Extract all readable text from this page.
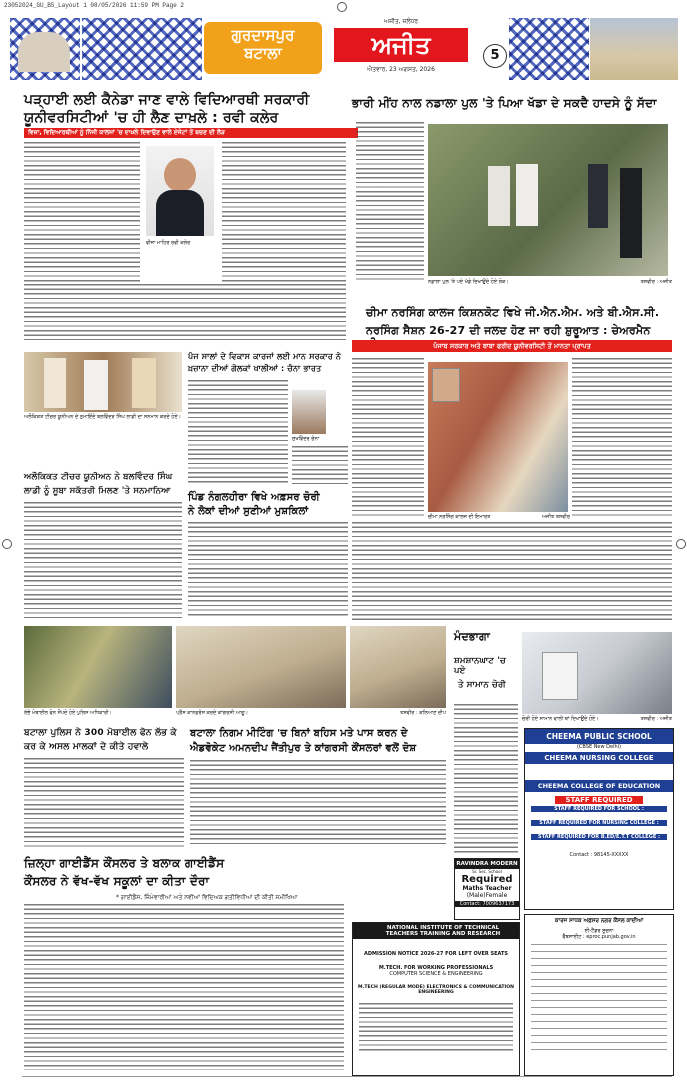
23052024_GU_B5_Layout 1 08/05/2026 11:59 PM Page 2
ਗੁਰਦਾਸਪੁਰ
ਬਟਾਲਾ
ਅਜੀਤ, ਜਲੰਧਰ
ਅਜੀਤ
ਐਤਵਾਰ, 23 ਅਗਸਤ, 2026
5
ਪੜ੍ਹਾਈ ਲਈ ਕੈਨੇਡਾ ਜਾਣ ਵਾਲੇ ਵਿਦਿਆਰਥੀ ਸਰਕਾਰੀ
ਯੂਨੀਵਰਸਿਟੀਆਂ 'ਚ ਹੀ ਲੈਣ ਦਾਖ਼ਲੇ : ਰਵੀ ਕਲੇਰ
ਵਿਜ਼ਾ, ਵਿਦਿਆਰਥੀਆਂ ਨੂੰ ਨਿੱਜੀ ਕਾਲਜਾਂ 'ਚ ਦਾਖ਼ਲੇ ਦਿਵਾਉਣ ਵਾਲੇ ਏਜੰਟਾਂ ਤੋਂ ਬਚਣ ਦੀ ਲੋੜ
ਵੀਜ਼ਾ ਮਾਹਿਰ ਰਵੀ ਕਲੇਰ
ਭਾਰੀ ਮੀਂਹ ਨਾਲ ਨਡਾਲਾ ਪੁਲ 'ਤੇ ਪਿਆ ਖੱਡਾ ਦੇ ਸਕਦੈ ਹਾਦਸੇ ਨੂੰ ਸੱਦਾ
ਨਡਾਲਾ ਪੁਲ 'ਤੇ ਪਏ ਖੱਡੇ ਦਿਖਾਉਂਦੇ ਹੋਏ ਲੋਕ।	ਤਸਵੀਰ : ਅਜੀਤ
ਚੀਮਾ ਨਰਸਿੰਗ ਕਾਲਜ ਕਿਸ਼ਨਕੋਟ ਵਿਖੇ ਜੀ.ਐਨ.ਐਮ. ਅਤੇ ਬੀ.ਐਸ.ਸੀ.
ਨਰਸਿੰਗ ਸੈਸ਼ਨ 26-27 ਦੀ ਜਲਦ ਹੋਣ ਜਾ ਰਹੀ ਸ਼ੁਰੂਆਤ : ਚੇਅਰਮੈਨ
ਪੰਜਾਬ ਸਰਕਾਰ ਅਤੇ ਬਾਬਾ ਫਰੀਦ ਯੂਨੀਵਰਸਿਟੀ ਤੋਂ ਮਾਨਤਾ ਪ੍ਰਾਪਤ
ਚੀਮਾ ਨਰਸਿੰਗ ਕਾਲਜ ਦੀ ਇਮਾਰਤ	ਅਜੀਤ ਤਸਵੀਰ
ਅਲੌਕਿਕਤ ਟੀਚਰ ਯੂਨੀਅਨ ਦੇ ਨੁਮਾਇੰਦੇ ਬਲਵਿੰਦਰ ਸਿੰਘ ਲਾਡੀ ਦਾ ਸਨਮਾਨ ਕਰਦੇ ਹੋਏ।
ਅਲੌਕਿਕਤ ਟੀਚਰ ਯੂਨੀਅਨ ਨੇ ਬਲਵਿੰਦਰ ਸਿੰਘ
ਲਾਡੀ ਨੂੰ ਸੂਬਾ ਸਕੱਤਰੀ ਮਿਲਣ 'ਤੇ ਸਨਮਾਨਿਆ
ਪੰਜ ਸਾਲਾਂ ਦੇ ਵਿਕਾਸ ਕਾਰਜਾਂ ਲਈ ਮਾਨ ਸਰਕਾਰ ਨੇ
ਖ਼ਜ਼ਾਨਾ ਦੀਆਂ ਗੋਲਕਾਂ ਖਾਲੀਆਂ : ਚੰਨਾ ਭਾਰਤ
ਸੁਖਵਿੰਦਰ ਚੰਨਾ
ਪਿੰਡ ਨੰਗਲਹੀਰਾ ਵਿਖੇ ਅਫ਼ਸਰ ਚੋਰੀ
ਨੇ ਲੋਕਾਂ ਦੀਆਂ ਸੁਣੀਆਂ ਮੁਸ਼ਕਿਲਾਂ
ਲੱਭੇ ਮੋਬਾਈਲ ਫੋਨ ਸੌਂਪਦੇ ਹੋਏ ਪੁਲਿਸ ਅਧਿਕਾਰੀ।	ਪ੍ਰੈੱਸ ਕਾਨਫ਼ਰੰਸ ਕਰਦੇ ਕਾਂਗਰਸੀ ਆਗੂ।	ਤਸਵੀਰ : ਕਲਿਆਣ ਦੀਪ
ਬਟਾਲਾ ਪੁਲਿਸ ਨੇ 300 ਮੋਬਾਈਲ ਫੋਨ ਲੱਭ ਕੇ
ਕਰ ਕੇ ਅਸਲ ਮਾਲਕਾਂ ਦੇ ਕੀਤੇ ਹਵਾਲੇ
ਬਟਾਲਾ ਨਿਗਮ ਮੀਟਿੰਗ 'ਚ ਬਿਨਾਂ ਬਹਿਸ ਮਤੇ ਪਾਸ ਕਰਨ ਦੇ
ਐਡਵੋਕੇਟ ਅਮਨਦੀਪ ਜੈਂਤੀਪੁਰ ਤੇ ਕਾਂਗਰਸੀ ਕੌਂਸਲਰਾਂ ਵਲੋਂ ਦੋਸ਼
ਜ਼ਿਲ੍ਹਾ ਗਾਈਡੈਂਸ ਕੌਂਸਲਰ ਤੇ ਬਲਾਕ ਗਾਈਡੈਂਸ
ਕੌਂਸਲਰ ਨੇ ਵੱਖ-ਵੱਖ ਸਕੂਲਾਂ ਦਾ ਕੀਤਾ ਦੌਰਾ
* ਗਾਈਡੈਂਸ, ਜ਼ਿੰਮੇਵਾਰੀਆਂ ਅਤੇ ਨਵੀਆਂ ਵਿਦਿਅਕ ਗਤੀਵਿਧੀਆਂ ਦੀ ਕੀਤੀ ਸਮੀਖਿਆ
ਮੰਦਭਾਗਾ
ਸ਼ਮਸ਼ਾਨਘਾਟ 'ਚ ਪਏ
ਤੇ ਸਾਮਾਨ ਚੋਰੀ
ਚੋਰੀ ਹੋਏ ਸਾਮਾਨ ਵਾਲੀ ਥਾਂ ਦਿਖਾਉਂਦੇ ਹੋਏ।	ਤਸਵੀਰ : ਅਜੀਤ
CHEEMA PUBLIC SCHOOL
(CBSE New Delhi)
CHEEMA NURSING COLLEGE
CHEEMA COLLEGE OF EDUCATION
STAFF REQUIRED
STAFF REQUIRED FOR SCHOOL :
STAFF REQUIRED FOR NURSING COLLEGE :
STAFF REQUIRED FOR B.ED/E.T.T COLLEGE :
Contact : 98145-XXXXX
RAVINDRA MODERN
Sr. Sec. School
Required
Maths Teacher
(Male)Female
Contact: 7009637173
NATIONAL INSTITUTE OF TECHNICAL
TEACHERS TRAINING AND RESEARCH
ADMISSION NOTICE 2026-27 FOR LEFT OVER SEATS
M.TECH. FOR WORKING PROFESSIONALS
COMPUTER SCIENCE & ENGINEERING
M.TECH (REGULAR MODE) ELECTRONICS & COMMUNICATION ENGINEERING
ਕਾਰਜ ਸਾਧਕ ਅਫ਼ਸਰ ਨਗਰ ਕੌਂਸਲ ਕਾਦੀਆਂ
ਈ-ਟੈਂਡਰ ਸੂਚਨਾ
ਵੈੱਬਸਾਈਟ : eproc.punjab.gov.in
